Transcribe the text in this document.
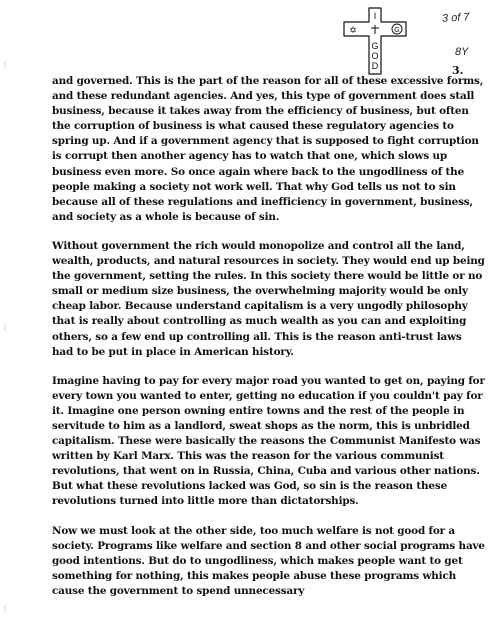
I
G
O
D
✡	G
3 of 7
8Y
3.

and governed. This is the part of the reason for all of these excessive forms, and these redundant agencies. And yes, this type of government does stall business, because it takes away from the efficiency of business, but often the corruption of business is what caused these regulatory agencies to spring up. And if a government agency that is supposed to fight corruption is corrupt then another agency has to watch that one, which slows up business even more. So once again where back to the ungodliness of the people making a society not work well. That why God tells us not to sin because all of these regulations and inefficiency in government, business, and society as a whole is because of sin.

Without government the rich would monopolize and control all the land, wealth, products, and natural resources in society. They would end up being the government, setting the rules. In this society there would be little or no small or medium size business, the overwhelming majority would be only cheap labor. Because understand capitalism is a very ungodly philosophy that is really about controlling as much wealth as you can and exploiting others, so a few end up controlling all. This is the reason anti-trust laws had to be put in place in American history.

Imagine having to pay for every major road you wanted to get on, paying for every town you wanted to enter, getting no education if you couldn't pay for it. Imagine one person owning entire towns and the rest of the people in servitude to him as a landlord, sweat shops as the norm, this is unbridled capitalism. These were basically the reasons the Communist Manifesto was written by Karl Marx. This was the reason for the various communist revolutions, that went on in Russia, China, Cuba and various other nations. But what these revolutions lacked was God, so sin is the reason these revolutions turned into little more than dictatorships.

Now we must look at the other side, too much welfare is not good for a society. Programs like welfare and section 8 and other social programs have good intentions. But do to ungodliness, which makes people want to get something for nothing, this makes people abuse these programs which cause the government to spend unnecessary
